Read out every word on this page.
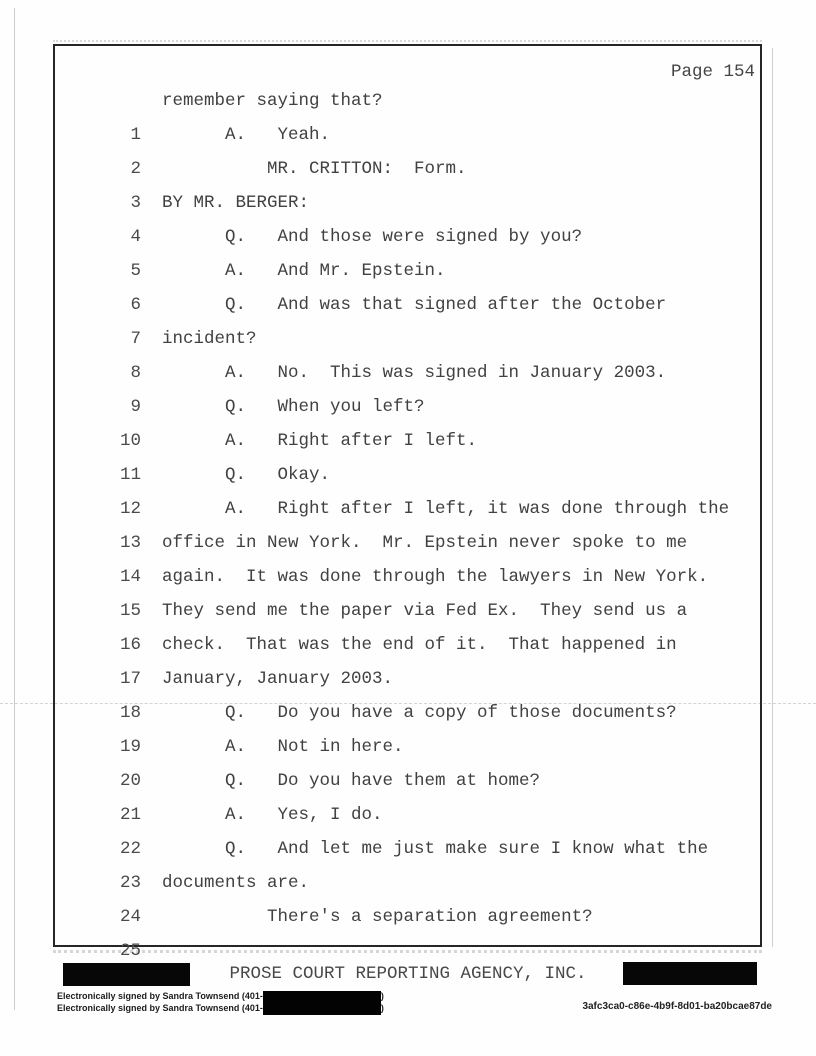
Page 154

1

remember saying that?

2

A.   Yeah.

3

MR. CRITTON:  Form.

4

BY MR. BERGER:

5

Q.   And those were signed by you?

6

A.   And Mr. Epstein.

7

Q.   And was that signed after the October

8

incident?

9

A.   No.  This was signed in January 2003.

10

Q.   When you left?

11

A.   Right after I left.

12

Q.   Okay.

13

A.   Right after I left, it was done through the

14

office in New York.  Mr. Epstein never spoke to me

15

again.  It was done through the lawyers in New York.

16

They send me the paper via Fed Ex.  They send us a

17

check.  That was the end of it.  That happened in

18

January, January 2003.

19

Q.   Do you have a copy of those documents?

20

A.   Not in here.

21

Q.   Do you have them at home?

22

A.   Yes, I do.

23

Q.   And let me just make sure I know what the

24

documents are.

25

There's a separation agreement?

PROSE COURT REPORTING AGENCY, INC.
Electronically signed by Sandra Townsend (401-	)
Electronically signed by Sandra Townsend (401-	)	3afc3ca0-c86e-4b9f-8d01-ba20bcae87de
